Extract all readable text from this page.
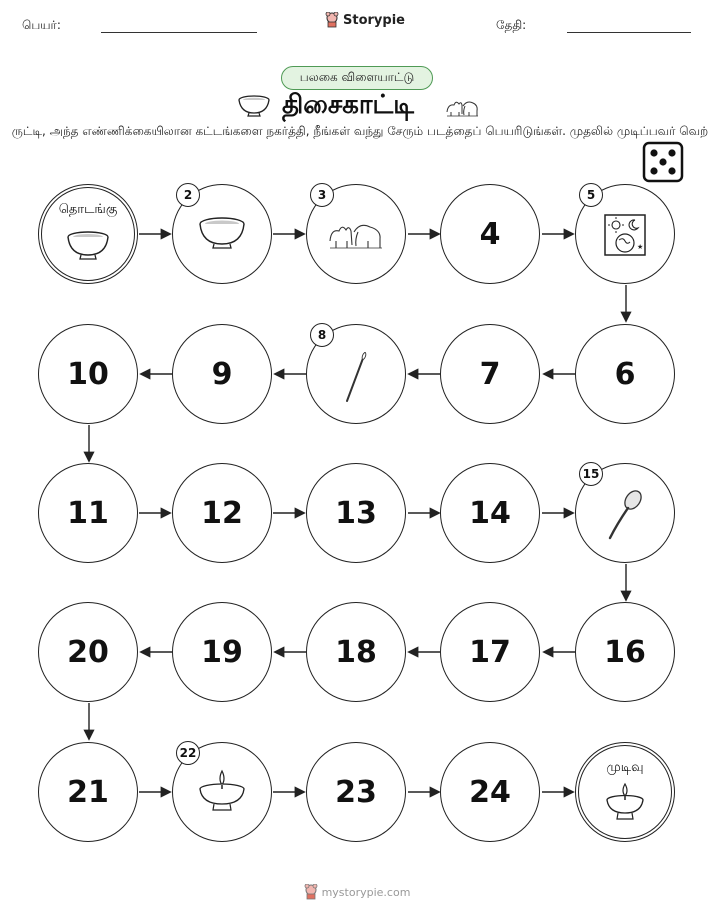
பெயர்:	Storypie	தேதி:
பலகை விளையாட்டு
திசைகாட்டி
ருட்டி, அந்த எண்ணிக்கையிலான கட்டங்களை நகர்த்தி, நீங்கள் வந்து சேரும் படத்தைப் பெயரிடுங்கள். முதலில் முடிப்பவர் வெற்
தொடங்கு
2	3
4
5
★
10	9
8
7	6
11	12	13	14
15
20	19	18	17	16
21
22
23	24
முடிவு
mystorypie.com
